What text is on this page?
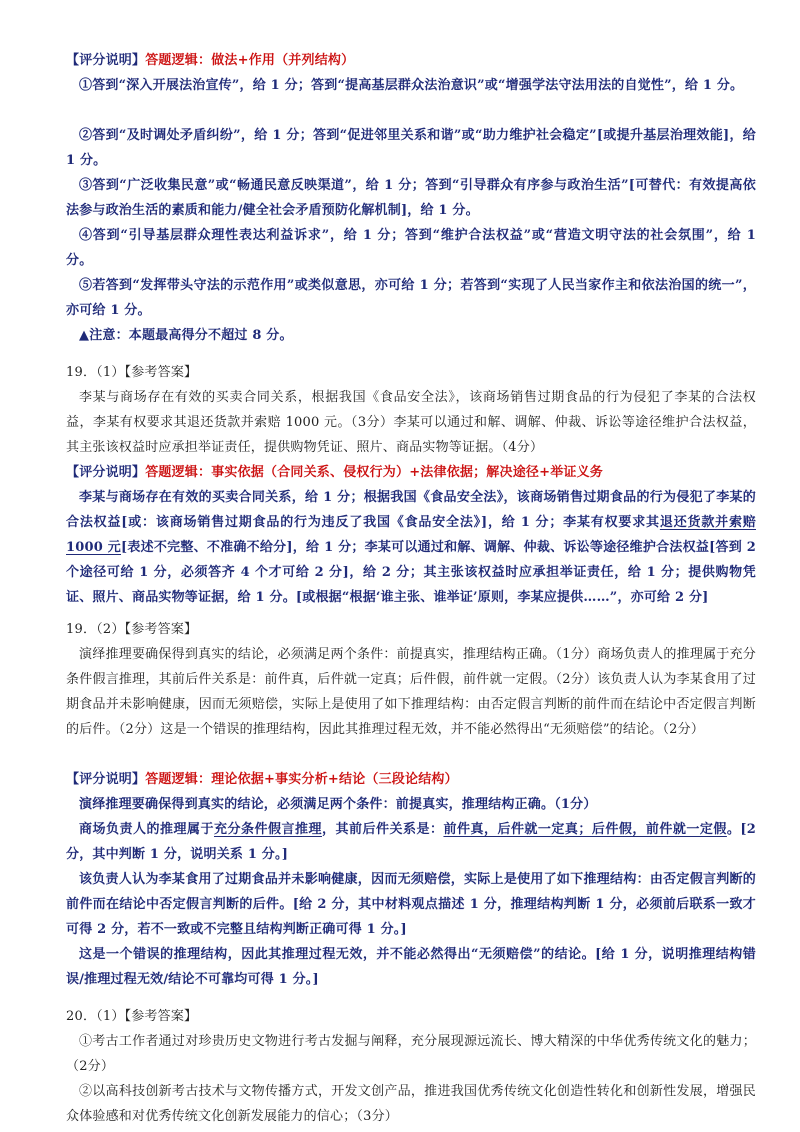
【评分说明】答题逻辑：做法+作用（并列结构）
①答到“深入开展法治宣传”，给 1 分；答到“提高基层群众法治意识”或“增强学法守法用法的自觉性”，给 1 分。
②答到“及时调处矛盾纠纷”，给 1 分；答到“促进邻里关系和谐”或“助力维护社会稳定”[或提升基层治理效能]，给 1 分。
③答到“广泛收集民意”或“畅通民意反映渠道”，给 1 分；答到“引导群众有序参与政治生活”[可替代：有效提高依法参与政治生活的素质和能力/健全社会矛盾预防化解机制]，给 1 分。
④答到“引导基层群众理性表达利益诉求”，给 1 分；答到“维护合法权益”或“营造文明守法的社会氛围”，给 1 分。
⑤若答到“发挥带头守法的示范作用”或类似意思，亦可给 1 分；若答到“实现了人民当家作主和依法治国的统一”，亦可给 1 分。
▲注意：本题最高得分不超过 8 分。
19．（1）【参考答案】
李某与商场存在有效的买卖合同关系，根据我国《食品安全法》，该商场销售过期食品的行为侵犯了李某的合法权益，李某有权要求其退还货款并索赔 1000 元。（3分）李某可以通过和解、调解、仲裁、诉讼等途径维护合法权益，其主张该权益时应承担举证责任，提供购物凭证、照片、商品实物等证据。（4分）
【评分说明】答题逻辑：事实依据（合同关系、侵权行为）+法律依据；解决途径+举证义务
李某与商场存在有效的买卖合同关系，给 1 分；根据我国《食品安全法》，该商场销售过期食品的行为侵犯了李某的合法权益[或：该商场销售过期食品的行为违反了我国《食品安全法》]，给 1 分；李某有权要求其退还货款并索赔 1000 元[表述不完整、不准确不给分]，给 1 分；李某可以通过和解、调解、仲裁、诉讼等途径维护合法权益[答到 2 个途径可给 1 分，必须答齐 4 个才可给 2 分]，给 2 分；其主张该权益时应承担举证责任，给 1 分；提供购物凭证、照片、商品实物等证据，给 1 分。[或根据“根据‘谁主张、谁举证’原则，李某应提供……”，亦可给 2 分]
19．（2）【参考答案】
演绎推理要确保得到真实的结论，必须满足两个条件：前提真实，推理结构正确。（1分）商场负责人的推理属于充分条件假言推理，其前后件关系是：前件真，后件就一定真；后件假，前件就一定假。（2分）该负责人认为李某食用了过期食品并未影响健康，因而无须赔偿，实际上是使用了如下推理结构：由否定假言判断的前件而在结论中否定假言判断的后件。（2分）这是一个错误的推理结构，因此其推理过程无效，并不能必然得出“无须赔偿”的结论。（2分）
【评分说明】答题逻辑：理论依据+事实分析+结论（三段论结构）
演绎推理要确保得到真实的结论，必须满足两个条件：前提真实，推理结构正确。（1分）
商场负责人的推理属于充分条件假言推理，其前后件关系是：前件真，后件就一定真；后件假，前件就一定假。[2 分，其中判断 1 分，说明关系 1 分。]
该负责人认为李某食用了过期食品并未影响健康，因而无须赔偿，实际上是使用了如下推理结构：由否定假言判断的前件而在结论中否定假言判断的后件。[给 2 分，其中材料观点描述 1 分，推理结构判断 1 分，必须前后联系一致才可得 2 分，若不一致或不完整且结构判断正确可得 1 分。]
这是一个错误的推理结构，因此其推理过程无效，并不能必然得出“无须赔偿”的结论。[给 1 分，说明推理结构错误/推理过程无效/结论不可靠均可得 1 分。]
20．（1）【参考答案】
①考古工作者通过对珍贵历史文物进行考古发掘与阐释，充分展现源远流长、博大精深的中华优秀传统文化的魅力；（2分）
②以高科技创新考古技术与文物传播方式，开发文创产品，推进我国优秀传统文化创造性转化和创新性发展，增强民众体验感和对优秀传统文化创新发展能力的信心；（3分）
